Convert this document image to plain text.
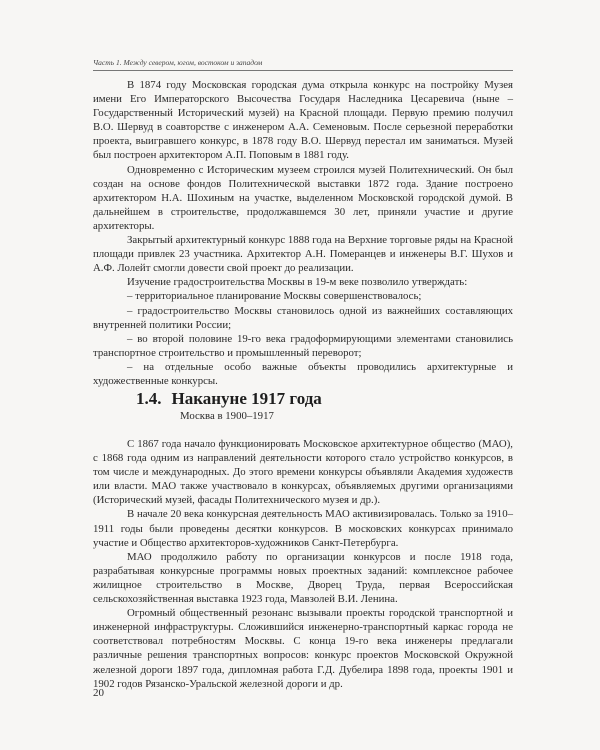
Часть 1. Между севером, югом, востоком и западом

В 1874 году Московская городская дума открыла конкурс на постройку Музея имени Его Императорского Высочества Государя Наследника Цесаревича (ныне – Государственный Исторический музей) на Красной площади. Первую премию получил В.О. Шервуд в соавторстве с инженером А.А. Семеновым. После серьезной переработки проекта, выигравшего конкурс, в 1878 году В.О. Шервуд перестал им заниматься. Музей был построен архитектором А.П. Поповым в 1881 году.

Одновременно с Историческим музеем строился музей Политехнический. Он был создан на основе фондов Политехнической выставки 1872 года. Здание построено архитектором Н.А. Шохиным на участке, выделенном Московской городской думой. В дальнейшем в строительстве, продолжавшемся 30 лет, приняли участие и другие архитекторы.

Закрытый архитектурный конкурс 1888 года на Верхние торговые ряды на Красной площади привлек 23 участника. Архитектор А.Н. Померанцев и инженеры В.Г. Шухов и А.Ф. Лолейт смогли довести свой проект до реализации.

Изучение градостроительства Москвы в 19-м веке позволило утверждать:

– территориальное планирование Москвы совершенствовалось;

– градостроительство Москвы становилось одной из важнейших составляющих внутренней политики России;

– во второй половине 19-го века градоформирующими элементами становились транспортное строительство и промышленный переворот;

– на отдельные особо важные объекты проводились архитектурные и художественные конкурсы.

1.4. Накануне 1917 года
Москва в 1900–1917

С 1867 года начало функционировать Московское архитектурное общество (МАО), с 1868 года одним из направлений деятельности которого стало устройство конкурсов, в том числе и международных. До этого времени конкурсы объявляли Академия художеств или власти. МАО также участвовало в конкурсах, объявляемых другими организациями (Исторический музей, фасады Политехнического музея и др.).

В начале 20 века конкурсная деятельность МАО активизировалась. Только за 1910–1911 годы были проведены десятки конкурсов. В московских конкурсах принимало участие и Общество архитекторов-художников Санкт-Петербурга.

МАО продолжило работу по организации конкурсов и после 1918 года, разрабатывая конкурсные программы новых проектных заданий: комплексное рабочее жилищное строительство в Москве, Дворец Труда, первая Всероссийская сельскохозяйственная выставка 1923 года, Мавзолей В.И. Ленина.

Огромный общественный резонанс вызывали проекты городской транспортной и инженерной инфраструктуры. Сложившийся инженерно-транспортный каркас города не соответствовал потребностям Москвы. С конца 19-го века инженеры предлагали различные решения транспортных вопросов: конкурс проектов Московской Окружной железной дороги 1897 года, дипломная работа Г.Д. Дубелира 1898 года, проекты 1901 и 1902 годов Рязанско-Уральской железной дороги и др.

20
